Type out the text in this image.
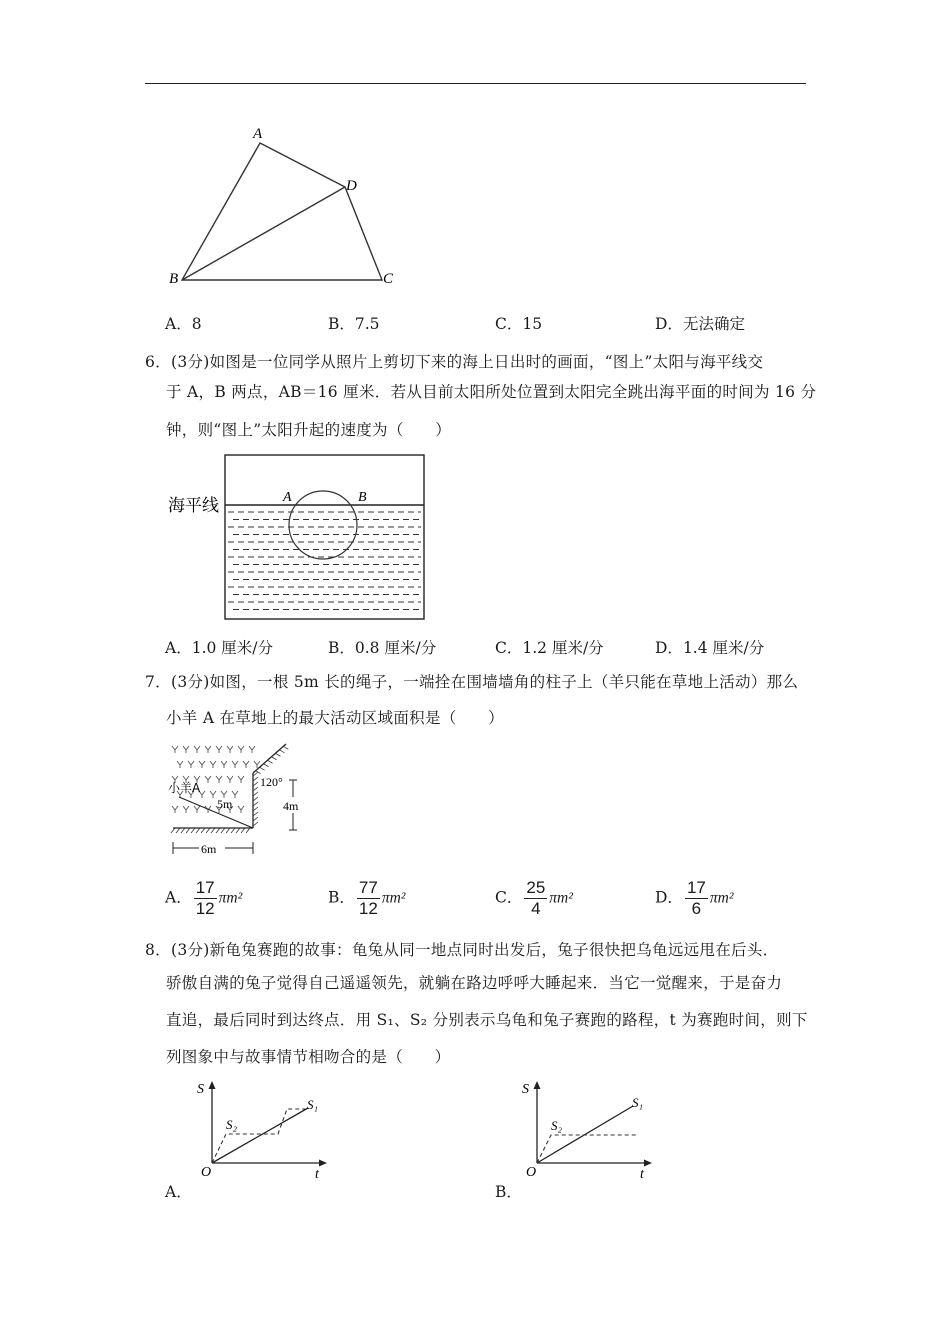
A
D
B	C
A．8	B．7.5	C．15	D．无法确定
6．(3分)如图是一位同学从照片上剪切下来的海上日出时的画面，“图上”太阳与海平线交
于 A，B 两点，AB＝16 厘米．若从目前太阳所处位置到太阳完全跳出海平面的时间为 16 分
钟，则“图上”太阳升起的速度为（　　）
海平线	A	B
A．1.0 厘米/分	B．0.8 厘米/分	C．1.2 厘米/分	D．1.4 厘米/分
7．(3分)如图，一根 5m 长的绳子，一端拴在围墙墙角的柱子上（羊只能在草地上活动）那么
小羊 A 在草地上的最大活动区域面积是（　　）
小羊A
5m
120°
4m
6m
A． $\frac{17}{12} \pi m^2$	B． $\frac{77}{12} \pi m^2$	C． $\frac{25}{4} \pi m^2$	D． $\frac{17}{6} \pi m^2$
8．(3分)新龟兔赛跑的故事：龟兔从同一地点同时出发后，兔子很快把乌龟远远甩在后头．
骄傲自满的兔子觉得自己遥遥领先，就躺在路边呼呼大睡起来．当它一觉醒来，于是奋力
直追，最后同时到达终点．用 S₁、S₂ 分别表示乌龟和兔子赛跑的路程，t 为赛跑时间，则下
列图象中与故事情节相吻合的是（　　）
S
S₁
S₂
O	t
A．
S
S₁
S₂
O	t
B．
